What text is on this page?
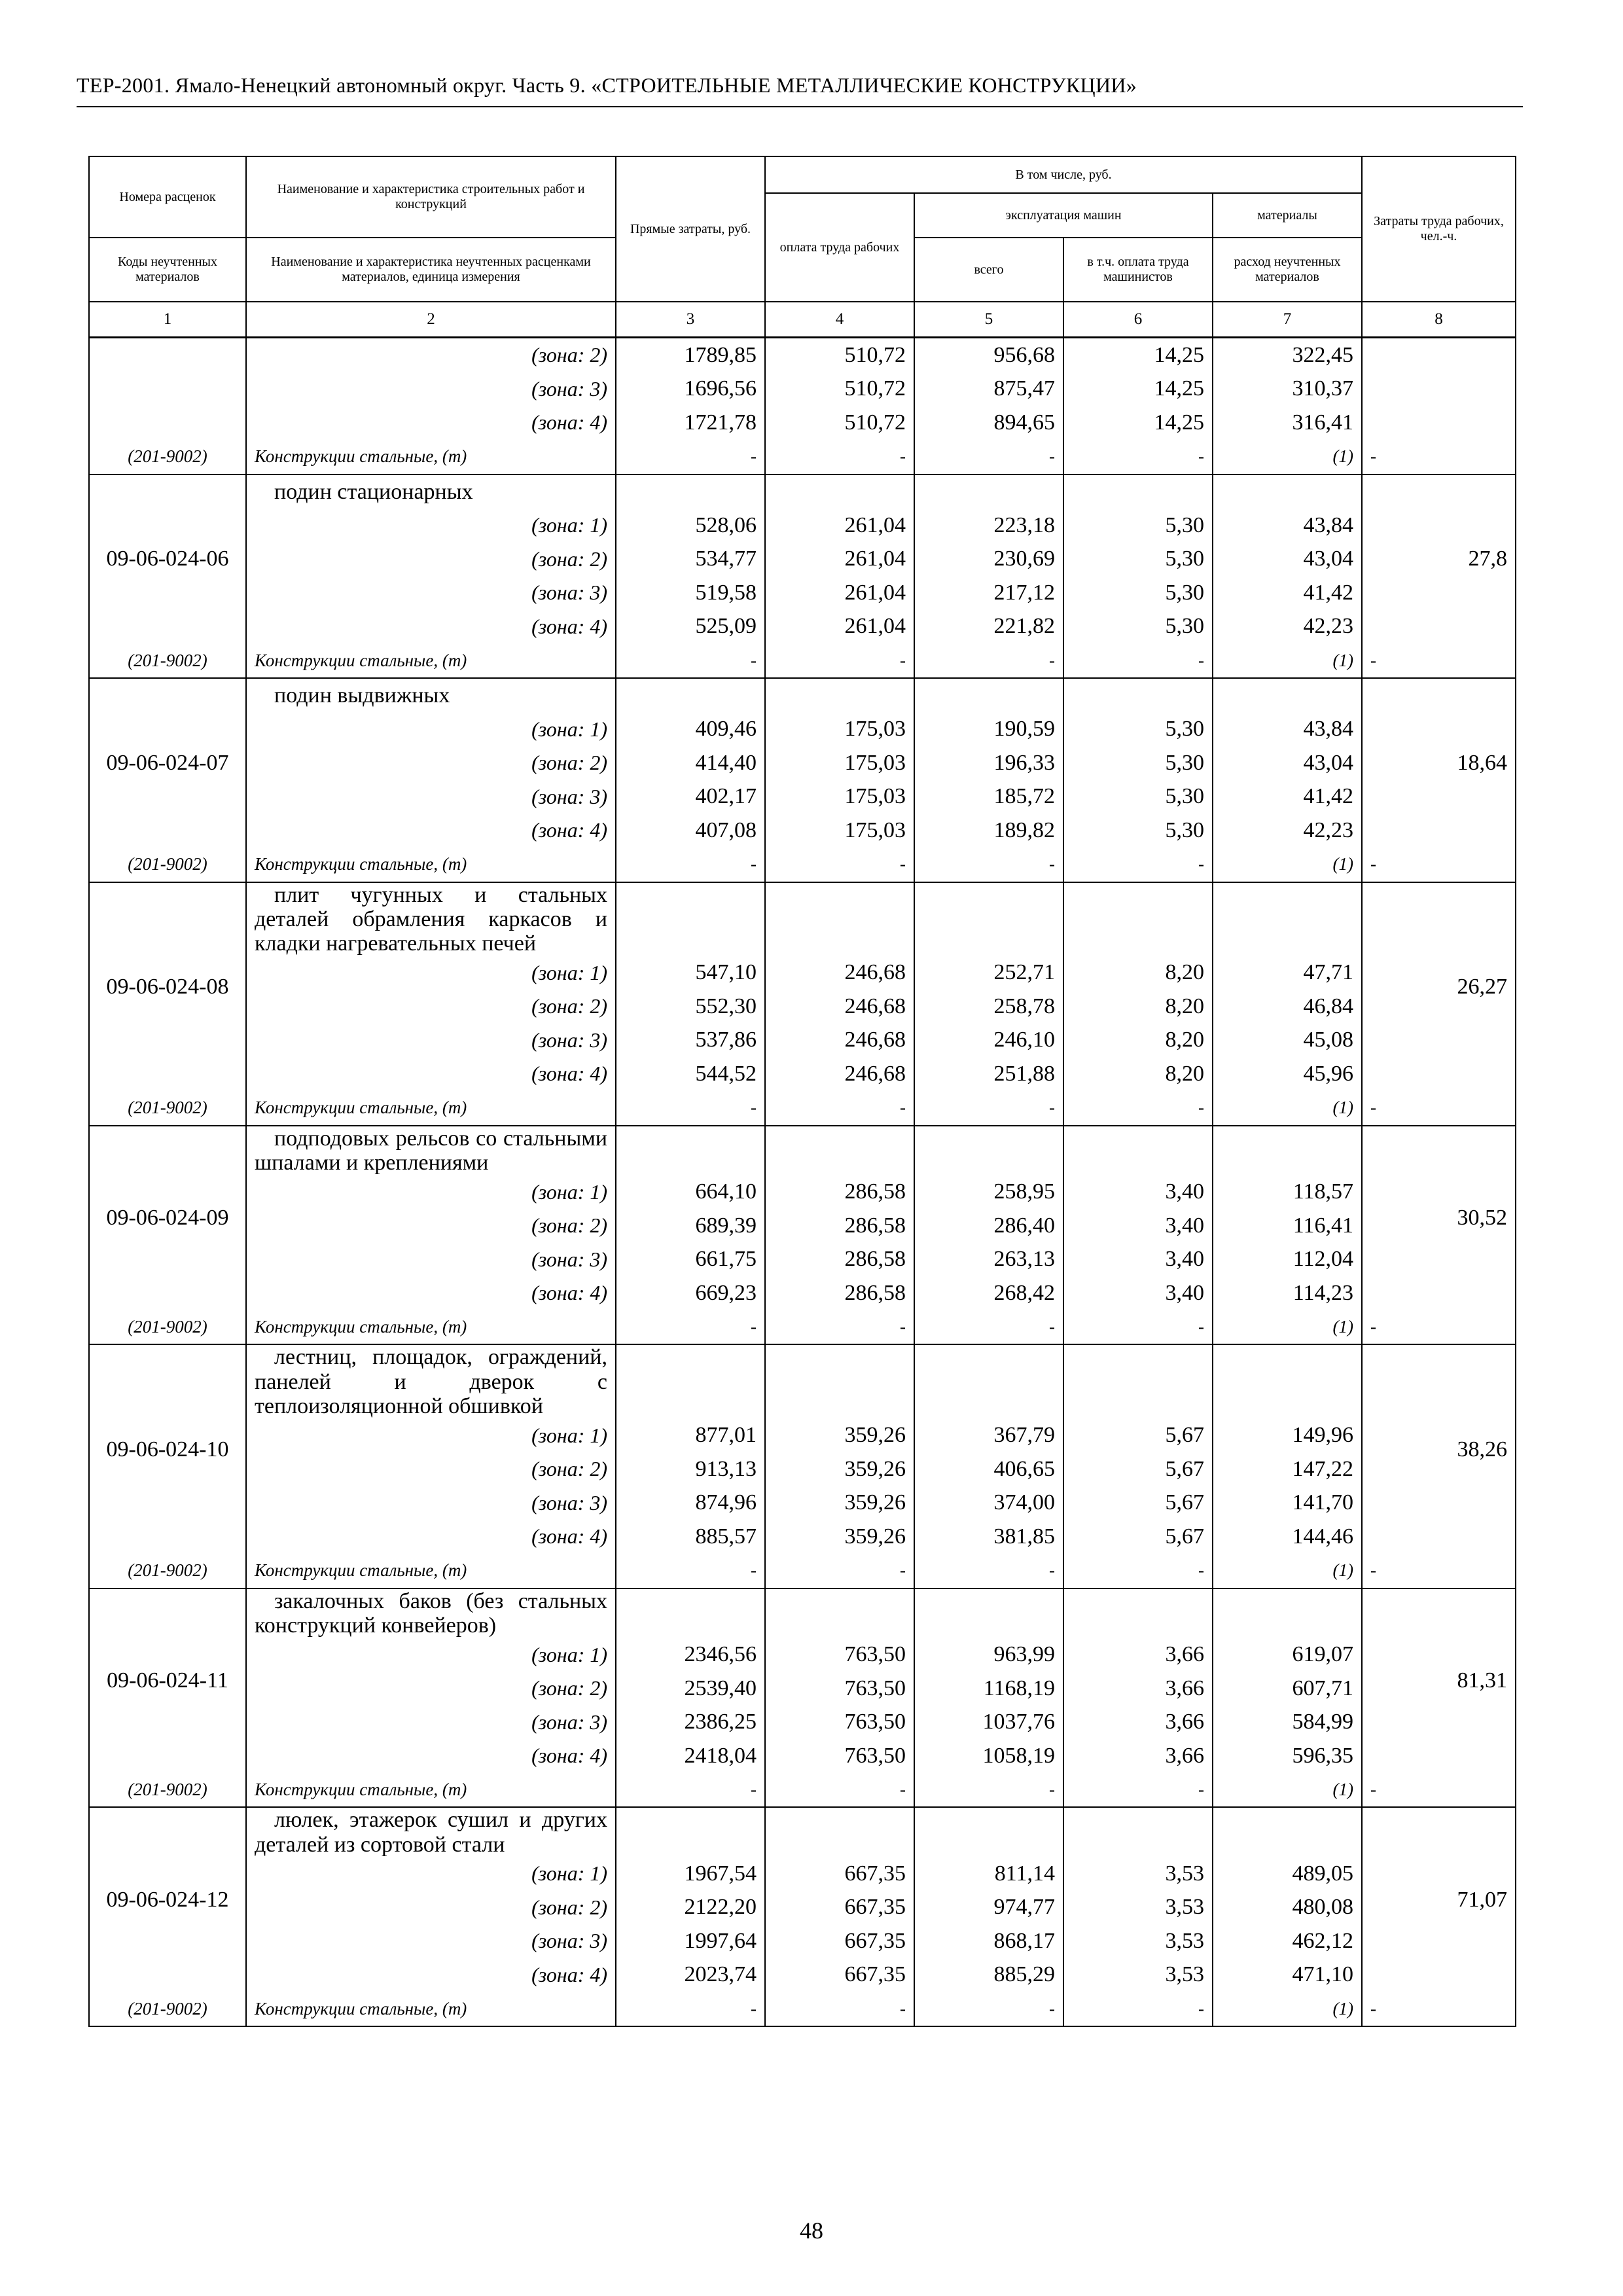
ТЕР-2001. Ямало-Ненецкий автономный округ. Часть 9. «СТРОИТЕЛЬНЫЕ МЕТАЛЛИЧЕСКИЕ КОНСТРУКЦИИ»
Номера расценок	Наименование и характеристика строительных работ и конструкций	Прямые затраты, руб.	В том числе, руб.				Затраты труда рабочих, чел.-ч.
			оплата труда рабочих	эксплуатация машин		материалы	
Коды неучтенных материалов	Наименование и характеристика неучтенных расценками материалов, единица измерения			всего	в т.ч. оплата труда машинистов	расход неучтенных материалов	
1	2	3	4	5	6	7	8
	(зона: 2)	1789,85	510,72	956,68	14,25	322,45	
	(зона: 3)	1696,56	510,72	875,47	14,25	310,37	
	(зона: 4)	1721,78	510,72	894,65	14,25	316,41	
(201-9002)	Конструкции стальные, (т)	-	-	-	-	(1)	-
09-06-024-06	подин стационарных						27,8
	(зона: 1)	528,06	261,04	223,18	5,30	43,84	
	(зона: 2)	534,77	261,04	230,69	5,30	43,04	
	(зона: 3)	519,58	261,04	217,12	5,30	41,42	
	(зона: 4)	525,09	261,04	221,82	5,30	42,23	
(201-9002)	Конструкции стальные, (т)	-	-	-	-	(1)	-
09-06-024-07	подин выдвижных						18,64
	(зона: 1)	409,46	175,03	190,59	5,30	43,84	
	(зона: 2)	414,40	175,03	196,33	5,30	43,04	
	(зона: 3)	402,17	175,03	185,72	5,30	41,42	
	(зона: 4)	407,08	175,03	189,82	5,30	42,23	
(201-9002)	Конструкции стальные, (т)	-	-	-	-	(1)	-
09-06-024-08	плит чугунных и стальных деталей обрамления каркасов и кладки нагревательных печей						26,27
	(зона: 1)	547,10	246,68	252,71	8,20	47,71	
	(зона: 2)	552,30	246,68	258,78	8,20	46,84	
	(зона: 3)	537,86	246,68	246,10	8,20	45,08	
	(зона: 4)	544,52	246,68	251,88	8,20	45,96	
(201-9002)	Конструкции стальные, (т)	-	-	-	-	(1)	-
09-06-024-09	подподовых рельсов со стальными шпалами и креплениями						30,52
	(зона: 1)	664,10	286,58	258,95	3,40	118,57	
	(зона: 2)	689,39	286,58	286,40	3,40	116,41	
	(зона: 3)	661,75	286,58	263,13	3,40	112,04	
	(зона: 4)	669,23	286,58	268,42	3,40	114,23	
(201-9002)	Конструкции стальные, (т)	-	-	-	-	(1)	-
09-06-024-10	лестниц, площадок, ограждений, панелей и дверок с теплоизоляционной обшивкой						38,26
	(зона: 1)	877,01	359,26	367,79	5,67	149,96	
	(зона: 2)	913,13	359,26	406,65	5,67	147,22	
	(зона: 3)	874,96	359,26	374,00	5,67	141,70	
	(зона: 4)	885,57	359,26	381,85	5,67	144,46	
(201-9002)	Конструкции стальные, (т)	-	-	-	-	(1)	-
09-06-024-11	закалочных баков (без стальных конструкций конвейеров)						81,31
	(зона: 1)	2346,56	763,50	963,99	3,66	619,07	
	(зона: 2)	2539,40	763,50	1168,19	3,66	607,71	
	(зона: 3)	2386,25	763,50	1037,76	3,66	584,99	
	(зона: 4)	2418,04	763,50	1058,19	3,66	596,35	
(201-9002)	Конструкции стальные, (т)	-	-	-	-	(1)	-
09-06-024-12	люлек, этажерок сушил и других деталей из сортовой стали						71,07
	(зона: 1)	1967,54	667,35	811,14	3,53	489,05	
	(зона: 2)	2122,20	667,35	974,77	3,53	480,08	
	(зона: 3)	1997,64	667,35	868,17	3,53	462,12	
	(зона: 4)	2023,74	667,35	885,29	3,53	471,10	
(201-9002)	Конструкции стальные, (т)	-	-	-	-	(1)	-
48
